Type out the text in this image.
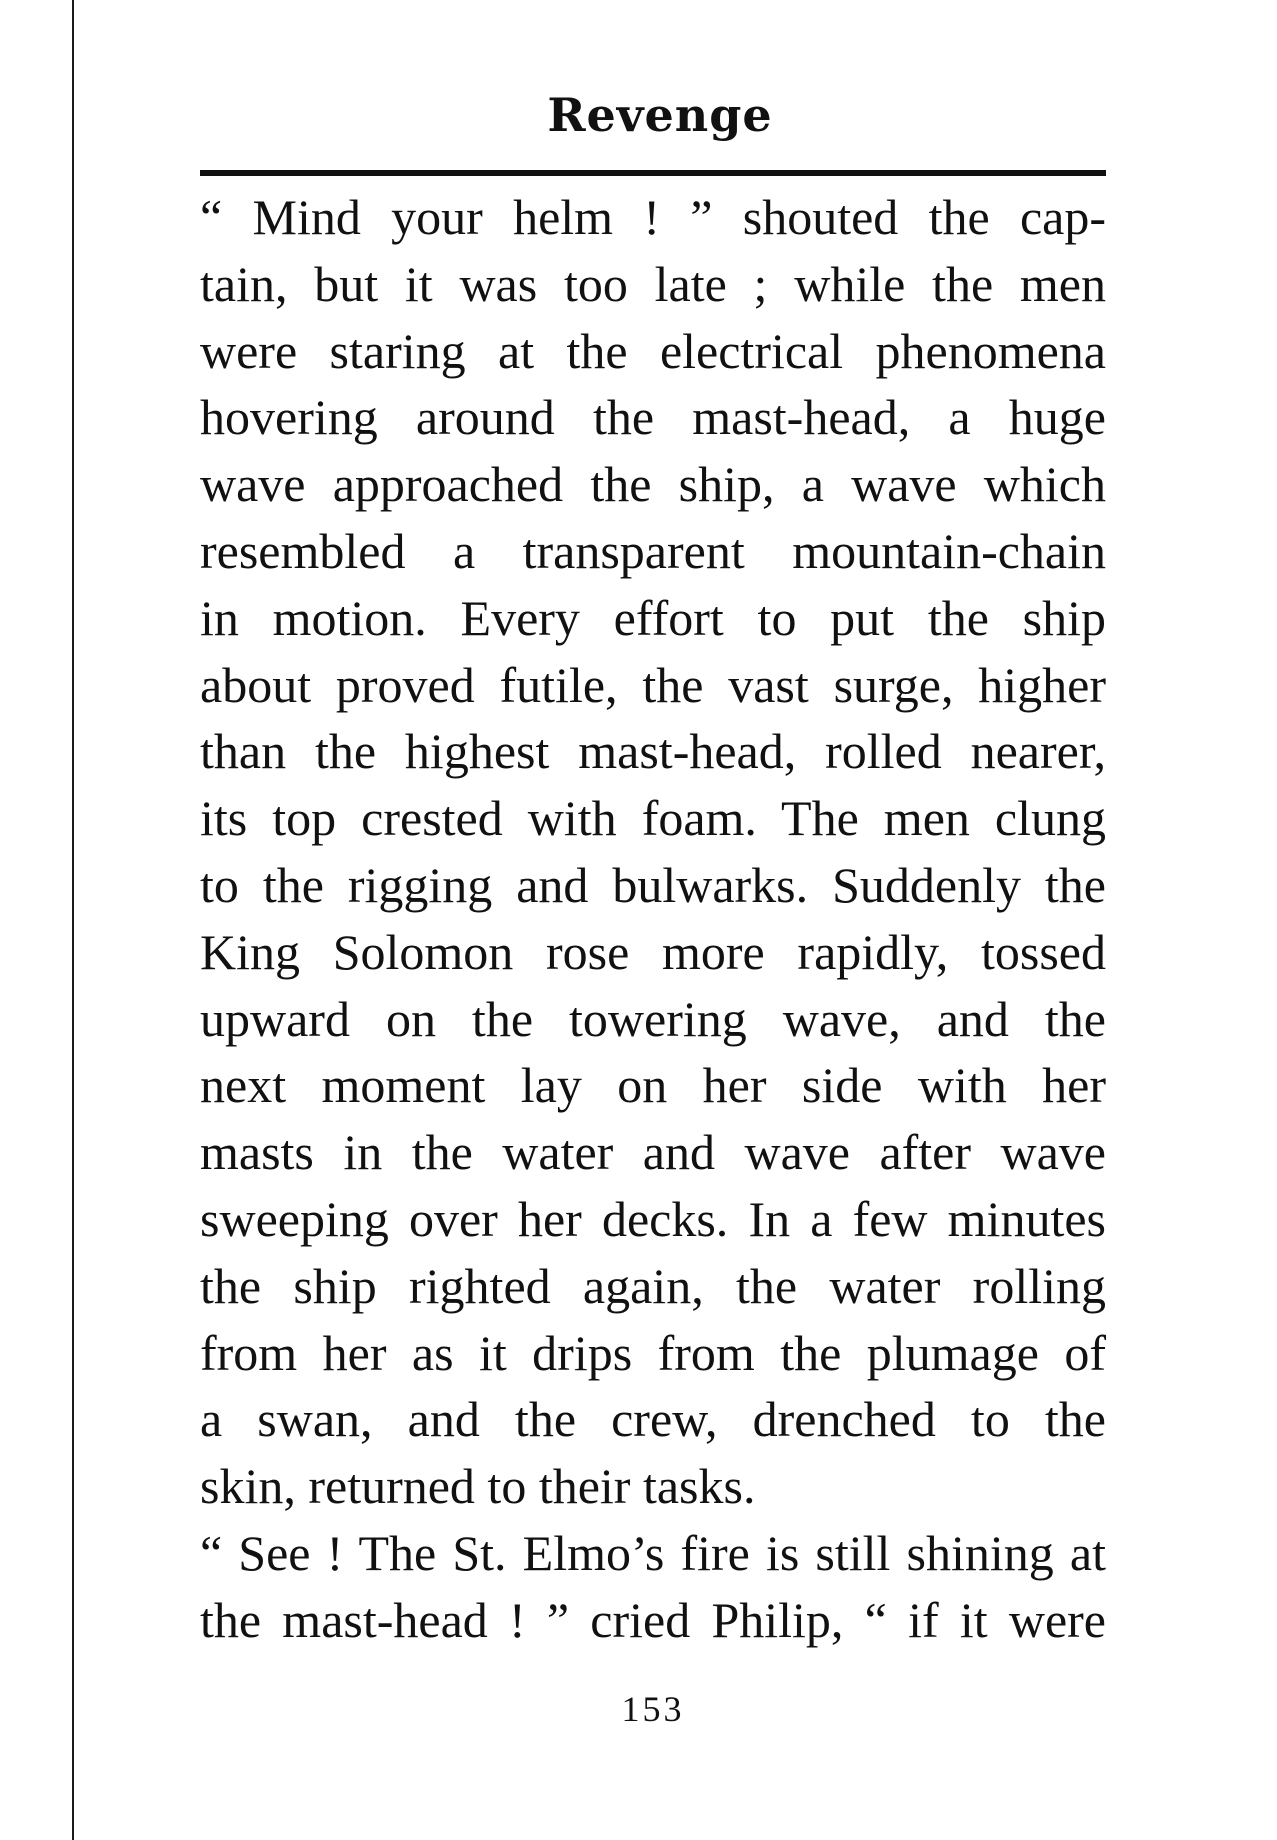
Revenge
“ Mind your helm ! ” shouted the cap-
tain, but it was too late ; while the men
were staring at the electrical phenomena
hovering around the mast-head, a huge
wave approached the ship, a wave which
resembled a transparent mountain-chain
in motion. Every effort to put the ship
about proved futile, the vast surge, higher
than the highest mast-head, rolled nearer,
its top crested with foam. The men clung
to the rigging and bulwarks. Suddenly the
King Solomon rose more rapidly, tossed
upward on the towering wave, and the
next moment lay on her side with her
masts in the water and wave after wave
sweeping over her decks. In a few minutes
the ship righted again, the water rolling
from her as it drips from the plumage of
a swan, and the crew, drenched to the
skin, returned to their tasks.
“ See ! The St. Elmo’s fire is still shining at
the mast-head ! ” cried Philip, “ if it were
153
